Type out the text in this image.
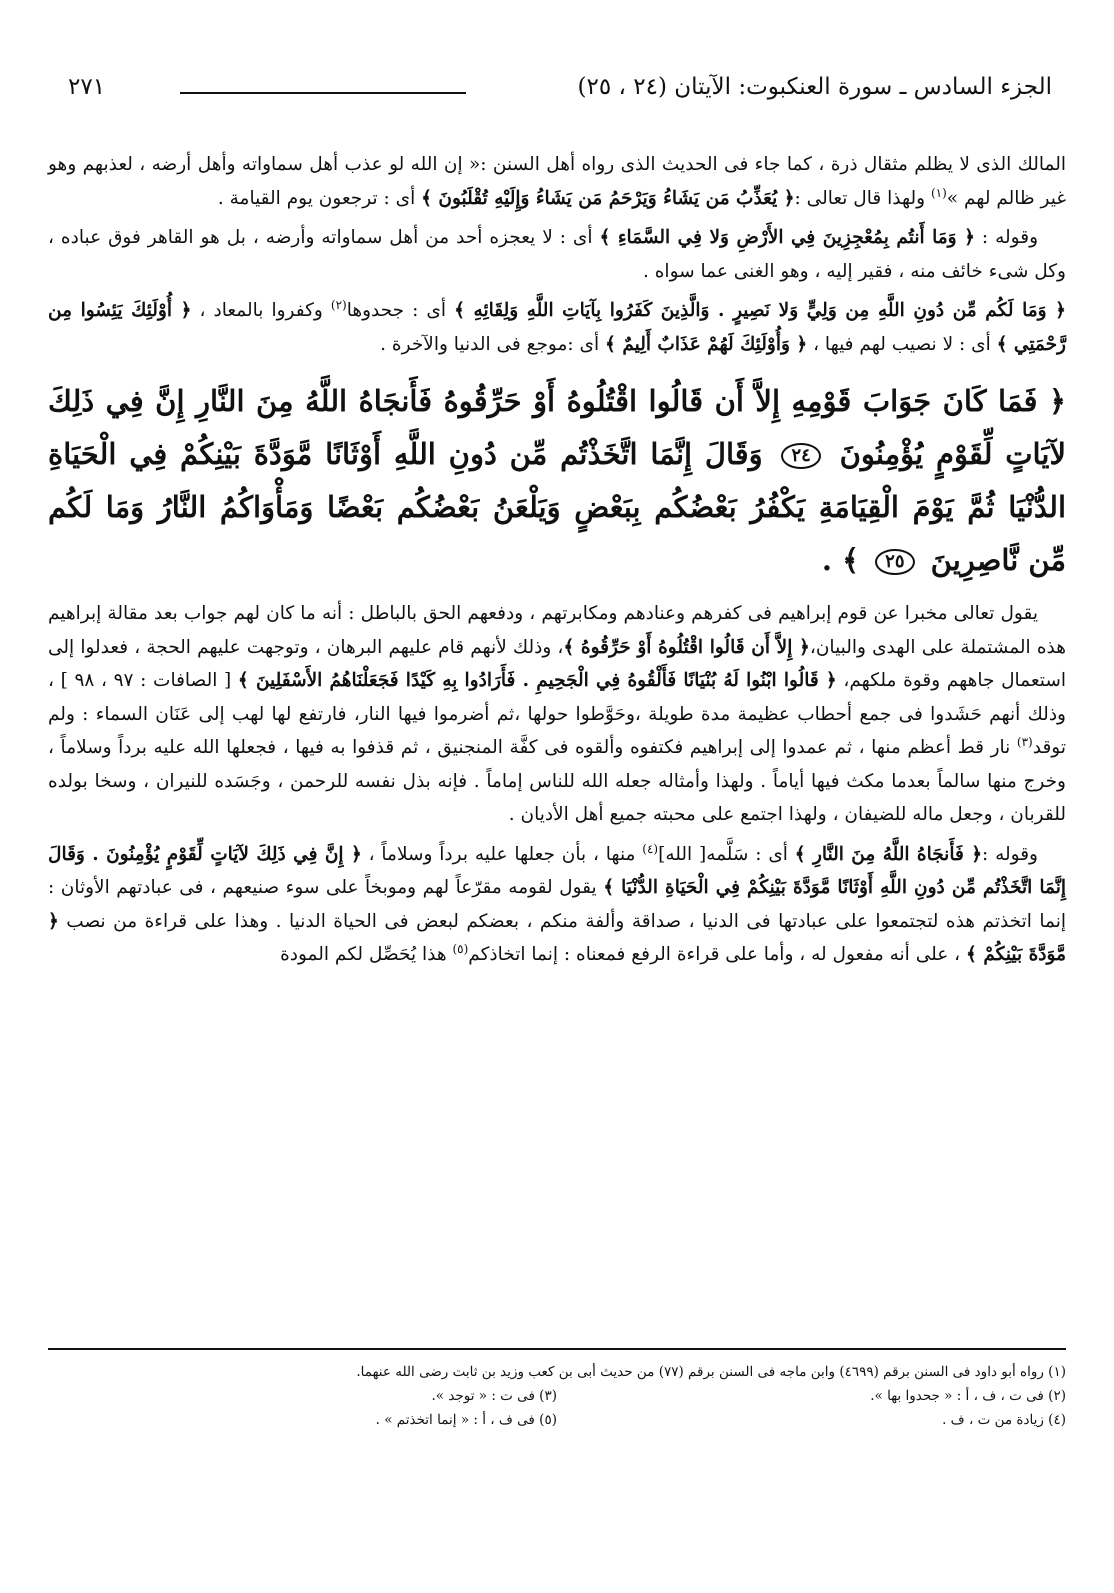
الجزء السادس ـ سورة العنكبوت: الآيتان (٢٤ ، ٢٥)
٢٧١

المالك الذى لا يظلم مثقال ذرة ، كما جاء فى الحديث الذى رواه أهل السنن :« إن الله لو عذب أهل سماواته وأهل أرضه ، لعذبهم وهو غير ظالم لهم »$^{(١)}$ ولهذا قال تعالى :﴿ يُعَذِّبُ مَن يَشَاءُ وَيَرْحَمُ مَن يَشَاءُ وَإِلَيْهِ تُقْلَبُونَ ﴾ أى : ترجعون يوم القيامة .

وقوله : ﴿ وَمَا أَنتُم بِمُعْجِزِينَ فِي الأَرْضِ وَلا فِي السَّمَاءِ ﴾ أى : لا يعجزه أحد من أهل سماواته وأرضه ، بل هو القاهر فوق عباده ، وكل شىء خائف منه ، فقير إليه ، وهو الغنى عما سواه .

﴿ وَمَا لَكُم مِّن دُونِ اللَّهِ مِن وَلِيٍّ وَلا نَصِيرٍ . وَالَّذِينَ كَفَرُوا بِآيَاتِ اللَّهِ وَلِقَائِهِ ﴾ أى : جحدوها$^{(٢)}$ وكفروا بالمعاد ، ﴿ أُوْلَئِكَ يَئِسُوا مِن رَّحْمَتِي ﴾ أى : لا نصيب لهم فيها ، ﴿ وَأُوْلَئِكَ لَهُمْ عَذَابٌ أَلِيمٌ ﴾ أى :موجع فى الدنيا والآخرة .

﴿ فَمَا كَانَ جَوَابَ قَوْمِهِ إِلاَّ أَن قَالُوا اقْتُلُوهُ أَوْ حَرِّقُوهُ فَأَنجَاهُ اللَّهُ مِنَ النَّارِ إِنَّ فِي ذَلِكَ لآيَاتٍ لِّقَوْمٍ يُؤْمِنُونَ ٢٤ وَقَالَ إِنَّمَا اتَّخَذْتُم مِّن دُونِ اللَّهِ أَوْثَانًا مَّوَدَّةَ بَيْنِكُمْ فِي الْحَيَاةِ الدُّنْيَا ثُمَّ يَوْمَ الْقِيَامَةِ يَكْفُرُ بَعْضُكُم بِبَعْضٍ وَيَلْعَنُ بَعْضُكُم بَعْضًا وَمَأْوَاكُمُ النَّارُ وَمَا لَكُم مِّن نَّاصِرِينَ ٢٥ ﴾ .

يقول تعالى مخبرا عن قوم إبراهيم فى كفرهم وعنادهم ومكابرتهم ، ودفعهم الحق بالباطل : أنه ما كان لهم جواب بعد مقالة إبراهيم هذه المشتملة على الهدى والبيان،﴿ إِلاَّ أَن قَالُوا اقْتُلُوهُ أَوْ حَرِّقُوهُ ﴾، وذلك لأنهم قام عليهم البرهان ، وتوجهت عليهم الحجة ، فعدلوا إلى استعمال جاههم وقوة ملكهم، ﴿ قَالُوا ابْنُوا لَهُ بُنْيَانًا فَأَلْقُوهُ فِي الْجَحِيمِ . فَأَرَادُوا بِهِ كَيْدًا فَجَعَلْنَاهُمُ الأَسْفَلِينَ ﴾ [ الصافات : ٩٧ ، ٩٨ ] ، وذلك أنهم حَشَدوا فى جمع أحطاب عظيمة مدة طويلة ،وحَوَّطوا حولها ،ثم أضرموا فيها النار، فارتفع لها لهب إلى عَنَان السماء : ولم توقد$^{(٣)}$ نار قط أعظم منها ، ثم عمدوا إلى إبراهيم فكتفوه وألقوه فى كفَّة المنجنيق ، ثم قذفوا به فيها ، فجعلها الله عليه برداً وسلاماً ، وخرج منها سالماً بعدما مكث فيها أياماً . ولهذا وأمثاله جعله الله للناس إماماً . فإنه بذل نفسه للرحمن ، وجَسَده للنيران ، وسخا بولده للقربان ، وجعل ماله للضيفان ، ولهذا اجتمع على محبته جميع أهل الأديان .

وقوله :﴿ فَأَنجَاهُ اللَّهُ مِنَ النَّارِ ﴾ أى : سَلَّمه[ الله]$^{(٤)}$ منها ، بأن جعلها عليه برداً وسلاماً ، ﴿ إِنَّ فِي ذَلِكَ لآيَاتٍ لِّقَوْمٍ يُؤْمِنُونَ . وَقَالَ إِنَّمَا اتَّخَذْتُم مِّن دُونِ اللَّهِ أَوْثَانًا مَّوَدَّةَ بَيْنِكُمْ فِي الْحَيَاةِ الدُّنْيَا ﴾ يقول لقومه مقرّعاً لهم وموبخاً على سوء صنيعهم ، فى عبادتهم الأوثان : إنما اتخذتم هذه لتجتمعوا على عبادتها فى الدنيا ، صداقة وألفة منكم ، بعضكم لبعض فى الحياة الدنيا . وهذا على قراءة من نصب ﴿ مَّوَدَّةَ بَيْنِكُمْ ﴾ ، على أنه مفعول له ، وأما على قراءة الرفع فمعناه : إنما اتخاذكم$^{(٥)}$ هذا يُحَصِّل لكم المودة

(١) رواه أبو داود فى السنن برقم (٤٦٩٩) وابن ماجه فى السنن برقم (٧٧) من حديث أبى بن كعب وزيد بن ثابت رضى الله عنهما.
(٢) فى ت ، ف ، أ : « جحدوا بها ».
(٣) فى ت : « توجد ».
(٤) زيادة من ت ، ف .
(٥) فى ف ، أ : « إنما اتخذتم » .
